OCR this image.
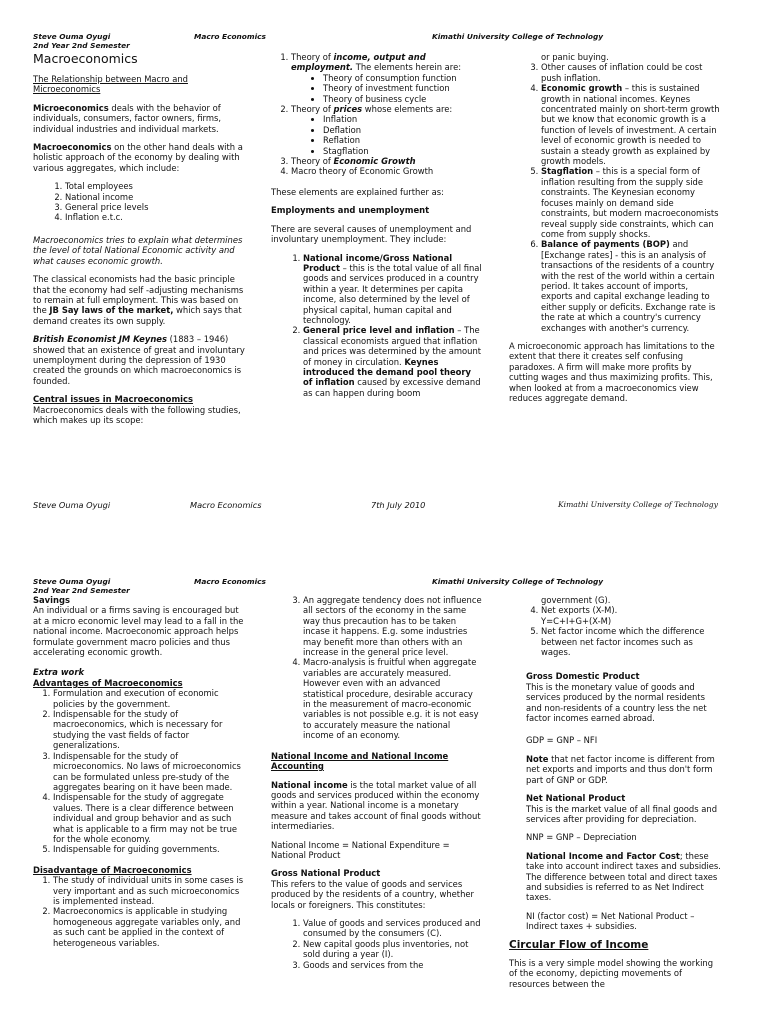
Steve Ouma Oyugi
2nd Year 2nd Semester
Macro Economics	Kimathi University College of Technology
Macroeconomics

The Relationship between Macro and Microeconomics

Microeconomics deals with the behavior of individuals, consumers, factor owners, firms, individual industries and individual markets.

Macroeconomics on the other hand deals with a holistic approach of the economy by dealing with various aggregates, which include:

1. Total employees
2. National income
3. General price levels
4. Inflation e.t.c.

Macroeconomics tries to explain what determines the level of total National Economic activity and what causes economic growth.

The classical economists had the basic principle that the economy had self -adjusting mechanisms to remain at full employment. This was based on the JB Say laws of the market, which says that demand creates its own supply.

British Economist JM Keynes (1883 – 1946) showed that an existence of great and involuntary unemployment during the depression of 1930 created the grounds on which macroeconomics is founded.

Central issues in Macroeconomics
Macroeconomics deals with the following studies, which makes up its scope:
1. Theory of income, output and employment. The elements herein are:
• Theory of consumption function
• Theory of investment function
• Theory of business cycle
2. Theory of prices whose elements are:
• Inflation
• Deflation
• Reflation
• Stagflation
3. Theory of Economic Growth
4. Macro theory of Economic Growth

These elements are explained further as:

Employments and unemployment

There are several causes of unemployment and involuntary unemployment. They include:

1. National income/Gross National Product – this is the total value of all final goods and services produced in a country within a year. It determines per capita income, also determined by the level of physical capital, human capital and technology.
2. General price level and inflation – The classical economists argued that inflation and prices was determined by the amount of money in circulation. Keynes introduced the demand pool theory of inflation caused by excessive demand as can happen during boom
or panic buying.
3. Other causes of inflation could be cost push inflation.
4. Economic growth – this is sustained growth in national incomes. Keynes concentrated mainly on short-term growth but we know that economic growth is a function of levels of investment. A certain level of economic growth is needed to sustain a steady growth as explained by growth models.
5. Stagflation – this is a special form of inflation resulting from the supply side constraints. The Keynesian economy focuses mainly on demand side constraints, but modern macroeconomists reveal supply side constraints, which can come from supply shocks.
6. Balance of payments (BOP) and [Exchange rates] - this is an analysis of transactions of the residents of a country with the rest of the world within a certain period. It takes account of imports, exports and capital exchange leading to either supply or deficits. Exchange rate is the rate at which a country's currency exchanges with another's currency.

A microeconomic approach has limitations to the extent that there it creates self confusing paradoxes. A firm will make more profits by cutting wages and thus maximizing profits. This, when looked at from a macroeconomics view reduces aggregate demand.

Steve Ouma Oyugi	Macro Economics	7th July 2010	Kimathi University College of Technology
Steve Ouma Oyugi
2nd Year 2nd Semester
Macro Economics	Kimathi University College of Technology
Savings

An individual or a firms saving is encouraged but at a micro economic level may lead to a fall in the national income. Macroeconomic approach helps formulate government macro policies and thus accelerating economic growth.

Extra work
Advantages of Macroeconomics
1. Formulation and execution of economic policies by the government.
2. Indispensable for the study of macroeconomics, which is necessary for studying the vast fields of factor generalizations.
3. Indispensable for the study of microeconomics. No laws of microeconomics can be formulated unless pre-study of the aggregates bearing on it have been made.
4. Indispensable for the study of aggregate values. There is a clear difference between individual and group behavior and as such what is applicable to a firm may not be true for the whole economy.
5. Indispensable for guiding governments.
Disadvantage of Macroeconomics
1. The study of individual units in some cases is very important and as such microeconomics is implemented instead.
2. Macroeconomics is applicable in studying homogeneous aggregate variables only, and as such cant be applied in the context of heterogeneous variables.
3. An aggregate tendency does not influence all sectors of the economy in the same way thus precaution has to be taken incase it happens. E.g. some industries may benefit more than others with an increase in the general price level.
4. Macro-analysis is fruitful when aggregate variables are accurately measured. However even with an advanced statistical procedure, desirable accuracy in the measurement of macro-economic variables is not possible e.g. it is not easy to accurately measure the national income of an economy.

National Income and National Income Accounting

National income is the total market value of all goods and services produced within the economy within a year. National income is a monetary measure and takes account of final goods without intermediaries.

National Income = National Expenditure = National Product

Gross National Product

This refers to the value of goods and services produced by the residents of a country, whether locals or foreigners. This constitutes:

1. Value of goods and services produced and consumed by the consumers (C).
2. New capital goods plus inventories, not sold during a year (I).
3. Goods and services from the
government (G).
4. Net exports (X-M).
Y=C+I+G+(X-M)
5. Net factor income which the difference between net factor incomes such as wages.
Gross Domestic Product

This is the monetary value of goods and services produced by the normal residents and non-residents of a country less the net factor incomes earned abroad.

GDP = GNP – NFI

Note that net factor income is different from net exports and imports and thus don't form part of GNP or GDP.

Net National Product

This is the market value of all final goods and services after providing for depreciation.

NNP = GNP – Depreciation

National Income and Factor Cost; these take into account indirect taxes and subsidies. The difference between total and direct taxes and subsidies is referred to as Net Indirect taxes.

NI (factor cost) = Net National Product – Indirect taxes + subsidies.

Circular Flow of Income

This is a very simple model showing the working of the economy, depicting movements of resources between the
